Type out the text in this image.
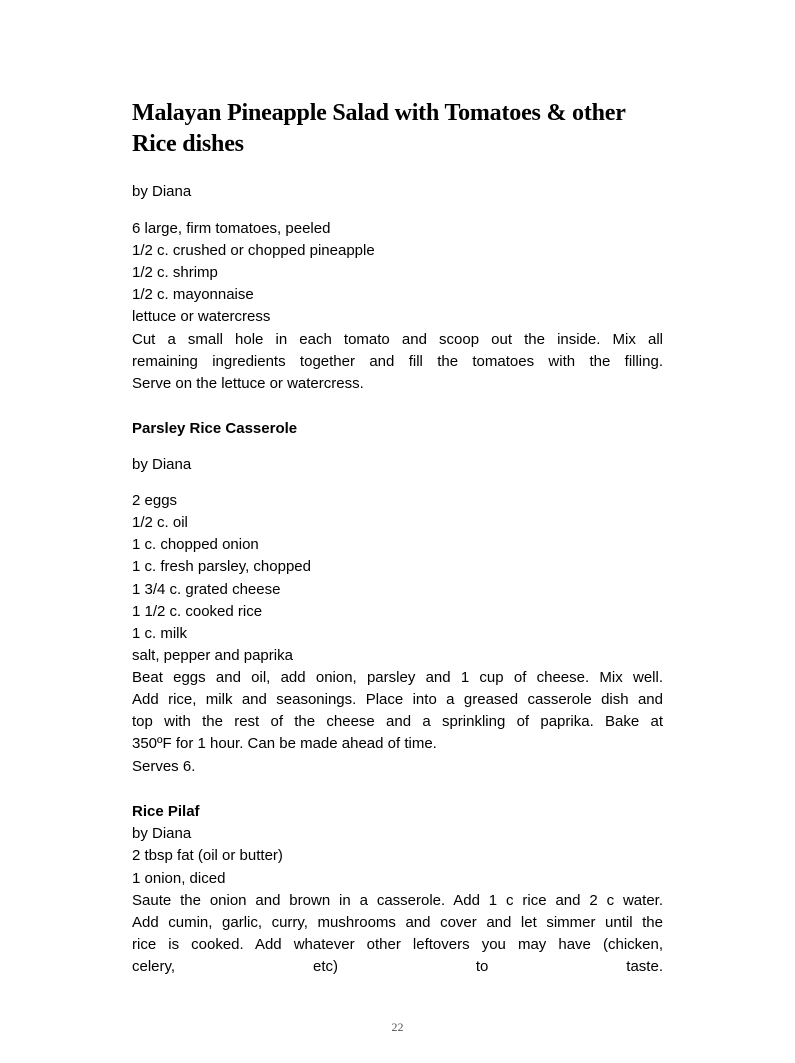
Malayan Pineapple Salad with Tomatoes & other Rice dishes
by Diana
6 large, firm tomatoes, peeled
1/2 c. crushed or chopped pineapple
1/2 c. shrimp
1/2 c. mayonnaise
lettuce or watercress

Cut a small hole in each tomato and scoop out the inside. Mix all
remaining ingredients together and fill the tomatoes with the filling.
Serve on the lettuce or watercress.

Parsley Rice Casserole
by Diana
2 eggs
1/2 c. oil
1 c. chopped onion
1 c. fresh parsley, chopped
1 3/4 c. grated cheese
1 1/2 c. cooked rice
1 c. milk
salt, pepper and paprika

Beat eggs and oil, add onion, parsley and 1 cup of cheese. Mix well.
Add rice, milk and seasonings. Place into a greased casserole dish and
top with the rest of the cheese and a sprinkling of paprika. Bake at
350ºF for 1 hour. Can be made ahead of time.

Serves 6.
Rice Pilaf
by Diana
2 tbsp fat (oil or butter)
1 onion, diced

Saute the onion and brown in a casserole. Add 1 c rice and 2 c water.
Add cumin, garlic, curry, mushrooms and cover and let simmer until the
rice is cooked. Add whatever other leftovers you may have (chicken,
celery, etc) to taste.

22
